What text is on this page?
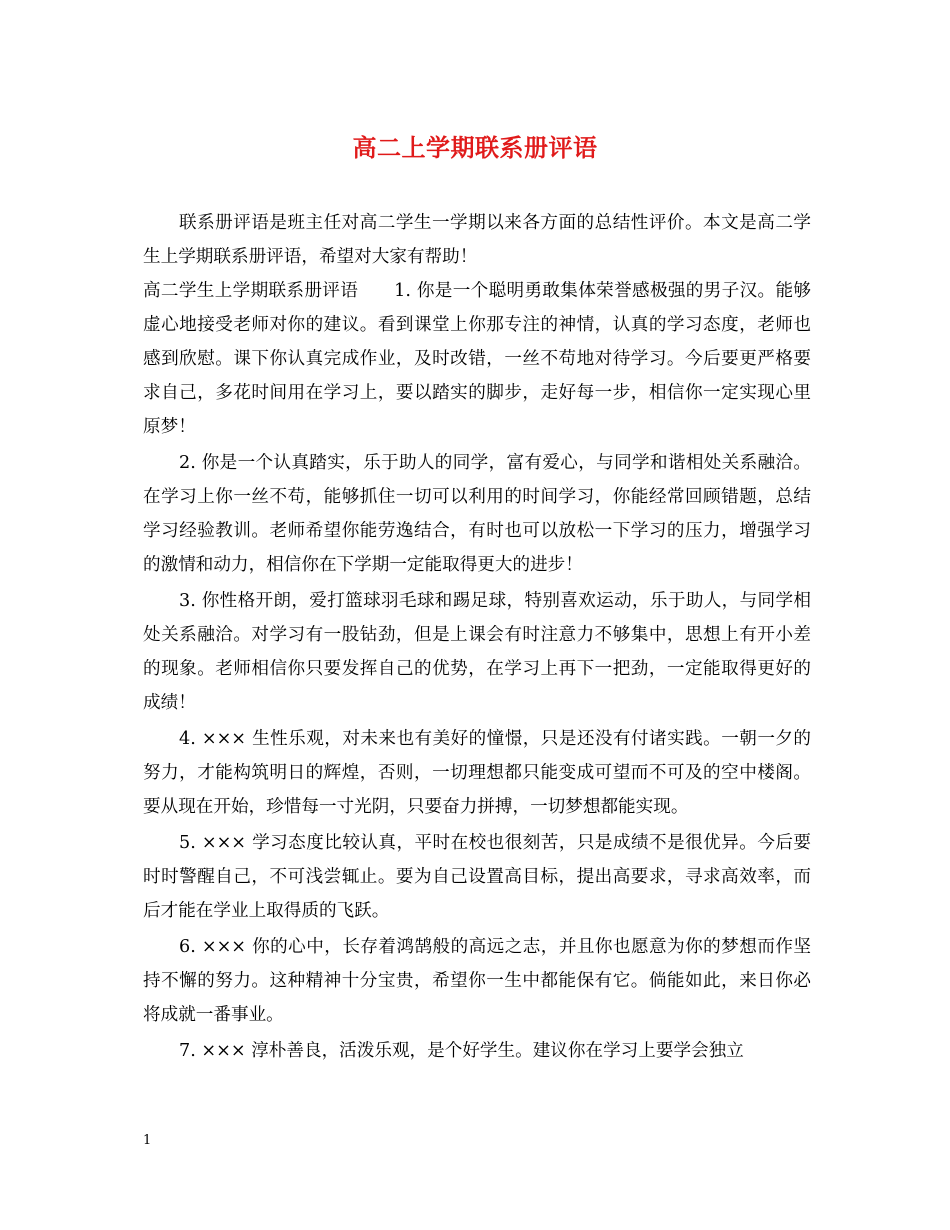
高二上学期联系册评语

联系册评语是班主任对高二学生一学期以来各方面的总结性评价。本文是高二学生上学期联系册评语，希望对大家有帮助！

高二学生上学期联系册评语 1. 你是一个聪明勇敢集体荣誉感极强的男子汉。能够虚心地接受老师对你的建议。看到课堂上你那专注的神情，认真的学习态度，老师也感到欣慰。课下你认真完成作业，及时改错，一丝不苟地对待学习。今后要更严格要求自己，多花时间用在学习上，要以踏实的脚步，走好每一步，相信你一定实现心里原梦！

2. 你是一个认真踏实，乐于助人的同学，富有爱心，与同学和谐相处关系融洽。在学习上你一丝不苟，能够抓住一切可以利用的时间学习，你能经常回顾错题，总结学习经验教训。老师希望你能劳逸结合，有时也可以放松一下学习的压力，增强学习的激情和动力，相信你在下学期一定能取得更大的进步！

3. 你性格开朗，爱打篮球羽毛球和踢足球，特别喜欢运动，乐于助人，与同学相处关系融洽。对学习有一股钻劲，但是上课会有时注意力不够集中，思想上有开小差的现象。老师相信你只要发挥自己的优势，在学习上再下一把劲，一定能取得更好的成绩！

4. ××× 生性乐观，对未来也有美好的憧憬，只是还没有付诸实践。一朝一夕的努力，才能构筑明日的辉煌，否则，一切理想都只能变成可望而不可及的空中楼阁。要从现在开始，珍惜每一寸光阴，只要奋力拼搏，一切梦想都能实现。

5. ××× 学习态度比较认真，平时在校也很刻苦，只是成绩不是很优异。今后要时时警醒自己，不可浅尝辄止。要为自己设置高目标，提出高要求，寻求高效率，而后才能在学业上取得质的飞跃。

6. ××× 你的心中，长存着鸿鹄般的高远之志，并且你也愿意为你的梦想而作坚持不懈的努力。这种精神十分宝贵，希望你一生中都能保有它。倘能如此，来日你必将成就一番事业。

7. ××× 淳朴善良，活泼乐观，是个好学生。建议你在学习上要学会独立

1
